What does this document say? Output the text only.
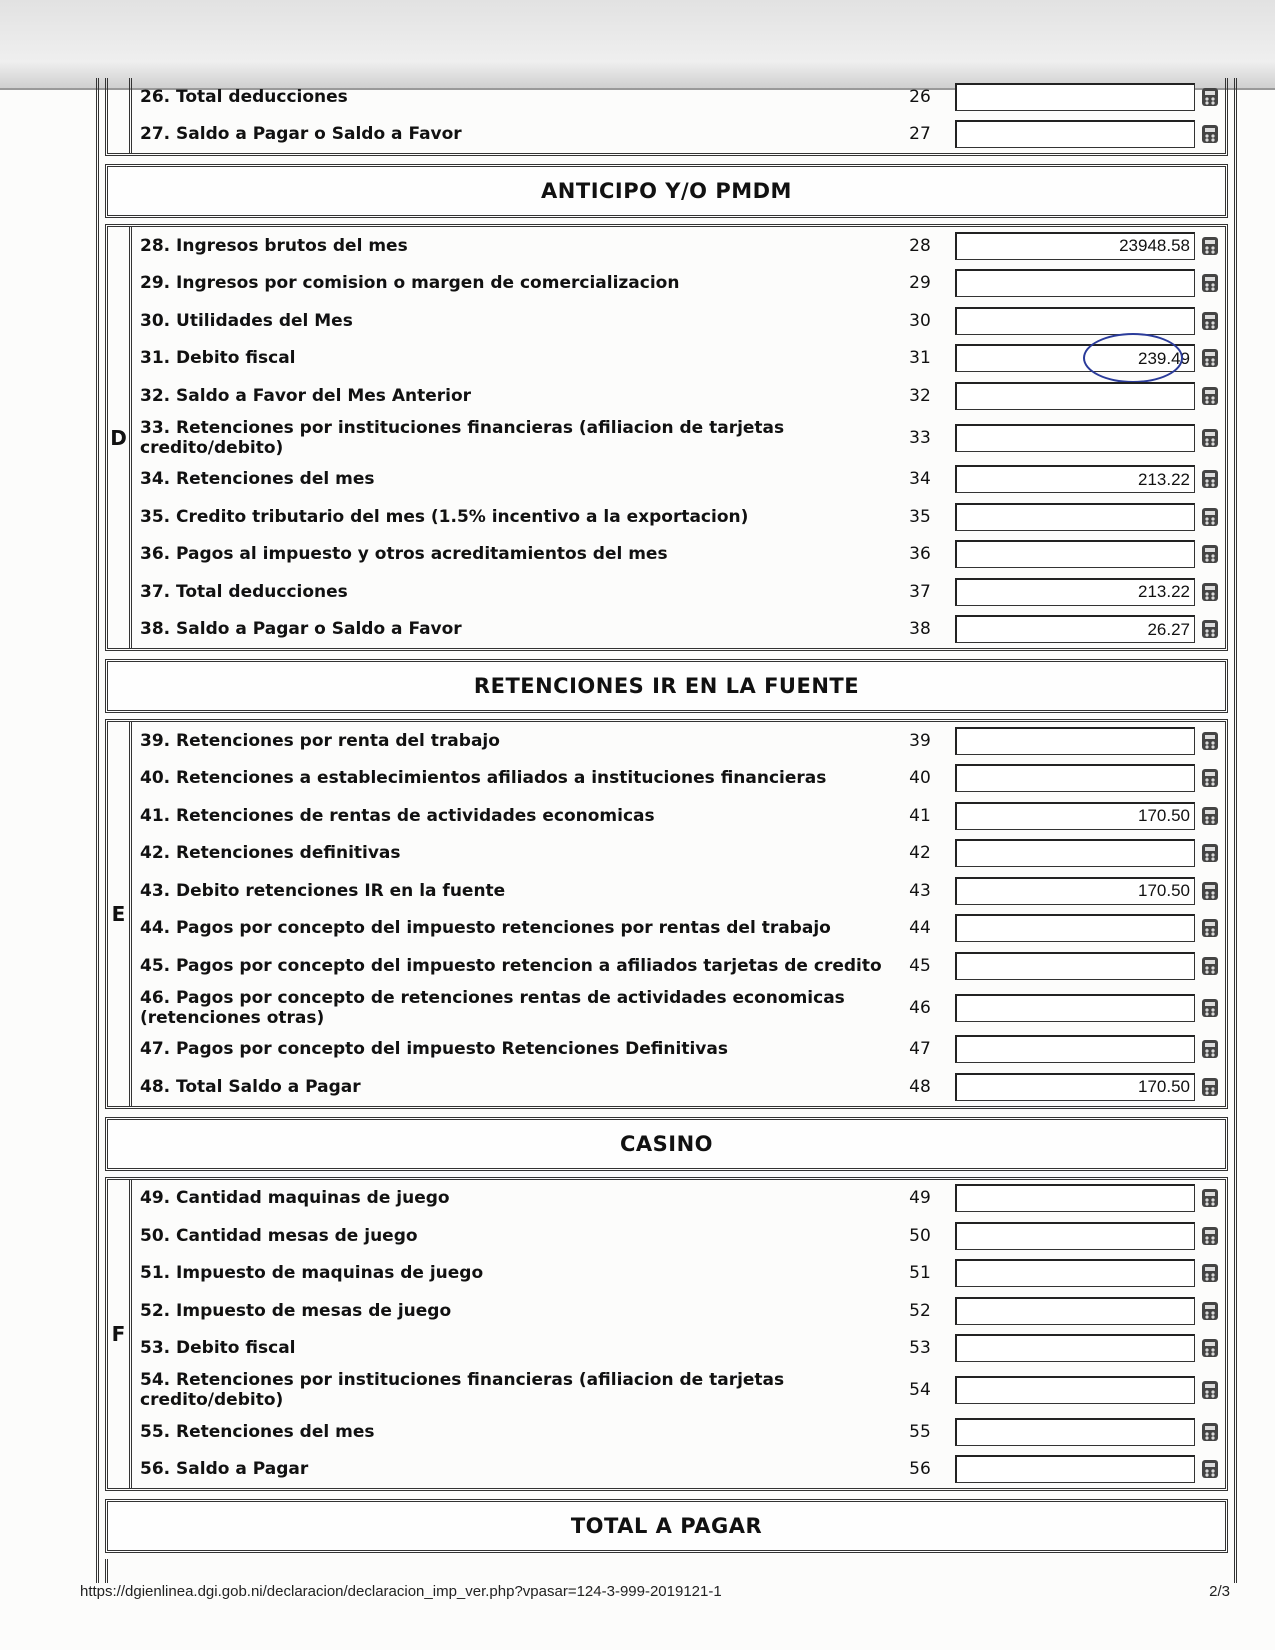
26. Total deducciones	26
27. Saldo a Pagar o Saldo a Favor	27
ANTICIPO Y/O PMDM
D
28. Ingresos brutos del mes	28	23948.58
29. Ingresos por comision o margen de comercializacion	29
30. Utilidades del Mes	30
31. Debito fiscal	31	239.49
32. Saldo a Favor del Mes Anterior	32
33. Retenciones por instituciones financieras (afiliacion de tarjetas credito/debito)	33
34. Retenciones del mes	34	213.22
35. Credito tributario del mes (1.5% incentivo a la exportacion)	35
36. Pagos al impuesto y otros acreditamientos del mes	36
37. Total deducciones	37	213.22
38. Saldo a Pagar o Saldo a Favor	38	26.27
RETENCIONES IR EN LA FUENTE
E
39. Retenciones por renta del trabajo	39
40. Retenciones a establecimientos afiliados a instituciones financieras	40
41. Retenciones de rentas de actividades economicas	41	170.50
42. Retenciones definitivas	42
43. Debito retenciones IR en la fuente	43	170.50
44. Pagos por concepto del impuesto retenciones por rentas del trabajo	44
45. Pagos por concepto del impuesto retencion a afiliados tarjetas de credito	45
46. Pagos por concepto de retenciones rentas de actividades economicas (retenciones otras)	46
47. Pagos por concepto del impuesto Retenciones Definitivas	47
48. Total Saldo a Pagar	48	170.50
CASINO
F
49. Cantidad maquinas de juego	49
50. Cantidad mesas de juego	50
51. Impuesto de maquinas de juego	51
52. Impuesto de mesas de juego	52
53. Debito fiscal	53
54. Retenciones por instituciones financieras (afiliacion de tarjetas credito/debito)	54
55. Retenciones del mes	55
56. Saldo a Pagar	56
TOTAL A PAGAR
https://dgienlinea.dgi.gob.ni/declaracion/declaracion_imp_ver.php?vpasar=124-3-999-2019121-1	2/3
